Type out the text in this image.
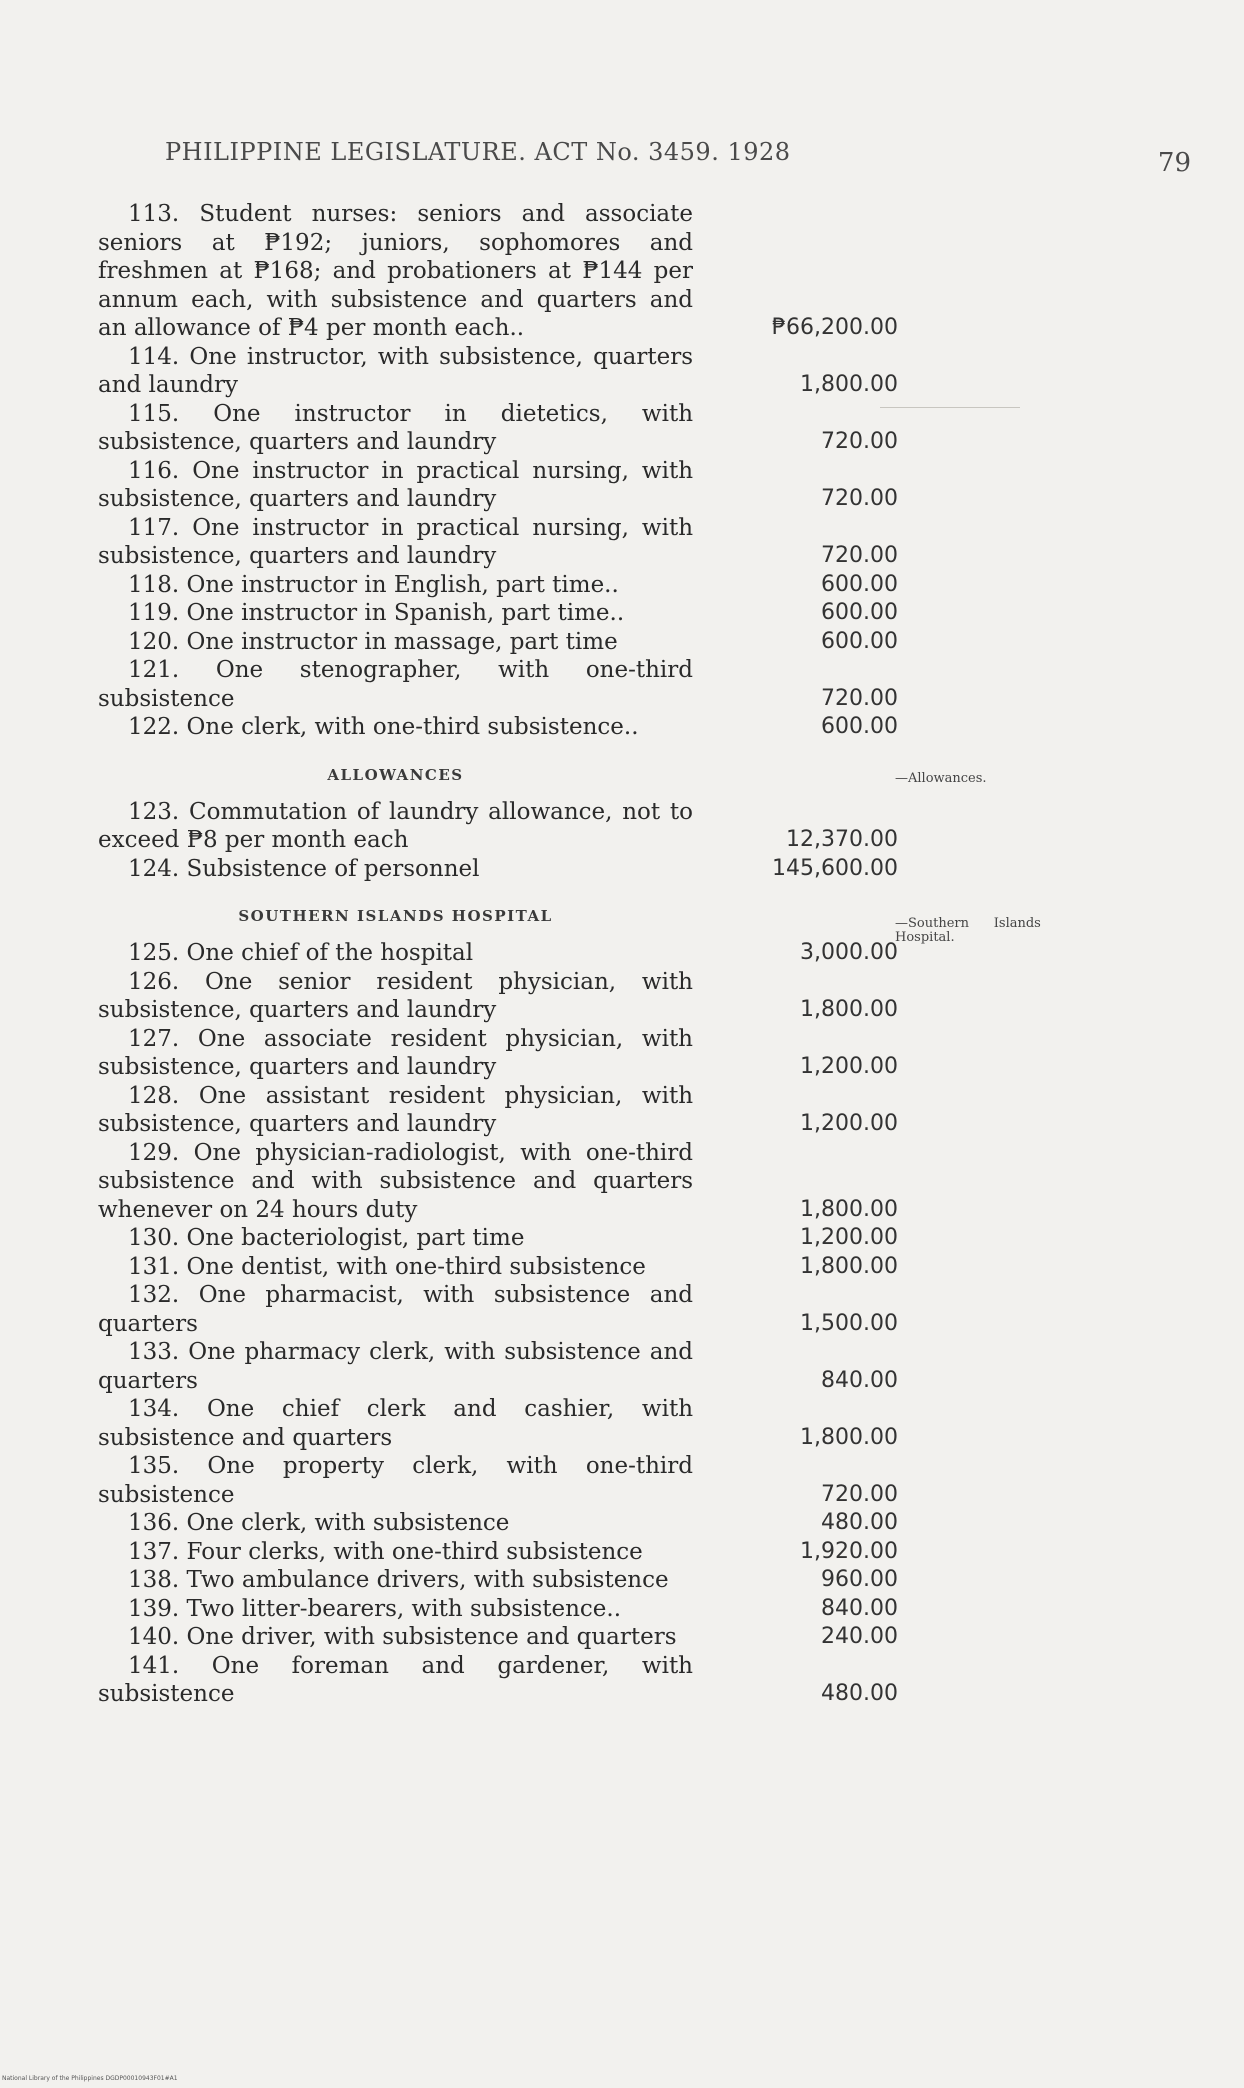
PHILIPPINE LEGISLATURE. ACT No. 3459. 1928	79
113. Student nurses: seniors and associate seniors at ₱192; juniors, sophomores and freshmen at ₱168; and probationers at ₱144 per annum each, with subsistence and quarters and an allowance of ₱4 per month each..	₱66,200.00
114. One instructor, with subsistence, quarters and laundry	1,800.00
115. One instructor in dietetics, with subsistence, quarters and laundry	720.00
116. One instructor in practical nursing, with subsistence, quarters and laundry	720.00
117. One instructor in practical nursing, with subsistence, quarters and laundry	720.00
118. One instructor in English, part time..	600.00
119. One instructor in Spanish, part time..	600.00
120. One instructor in massage, part time	600.00
121. One stenographer, with one-third subsistence	720.00
122. One clerk, with one-third subsistence..	600.00
ALLOWANCES
123. Commutation of laundry allowance, not to exceed ₱8 per month each	12,370.00
124. Subsistence of personnel	145,600.00
SOUTHERN ISLANDS HOSPITAL
125. One chief of the hospital	3,000.00
126. One senior resident physician, with subsistence, quarters and laundry	1,800.00
127. One associate resident physician, with subsistence, quarters and laundry	1,200.00
128. One assistant resident physician, with subsistence, quarters and laundry	1,200.00
129. One physician-radiologist, with one-third subsistence and with subsistence and quarters whenever on 24 hours duty	1,800.00
130. One bacteriologist, part time	1,200.00
131. One dentist, with one-third subsistence	1,800.00
132. One pharmacist, with subsistence and quarters	1,500.00
133. One pharmacy clerk, with subsistence and quarters	840.00
134. One chief clerk and cashier, with subsistence and quarters	1,800.00
135. One property clerk, with one-third subsistence	720.00
136. One clerk, with subsistence	480.00
137. Four clerks, with one-third subsistence	1,920.00
138. Two ambulance drivers, with subsistence	960.00
139. Two litter-bearers, with subsistence..	840.00
140. One driver, with subsistence and quarters	240.00
141. One foreman and gardener, with subsistence	480.00
—Allowances.
—Southern      Islands
Hospital.
National Library of the Philippines DGDP00010943F01#A1
